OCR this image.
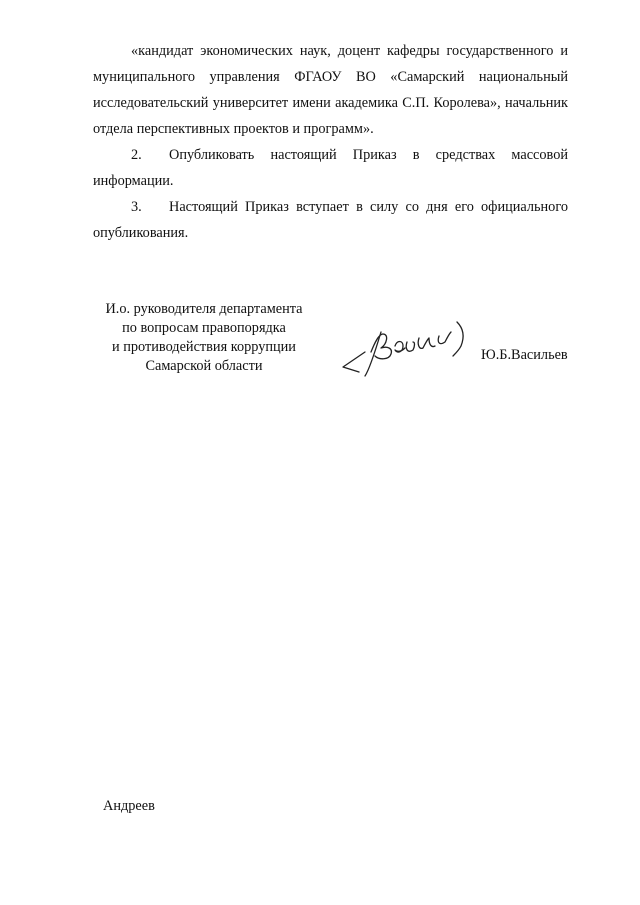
«кандидат экономических наук, доцент кафедры государственного и муниципального управления ФГАОУ ВО «Самарский национальный исследовательский университет имени академика С.П. Королева», начальник отдела перспективных проектов и программ».

2. Опубликовать настоящий Приказ в средствах массовой информации.

3. Настоящий Приказ вступает в силу со дня его официального опубликования.

И.о. руководителя департамента
по вопросам правопорядка
и противодействия коррупции
Самарской области
Ю.Б.Васильев
Андреев
